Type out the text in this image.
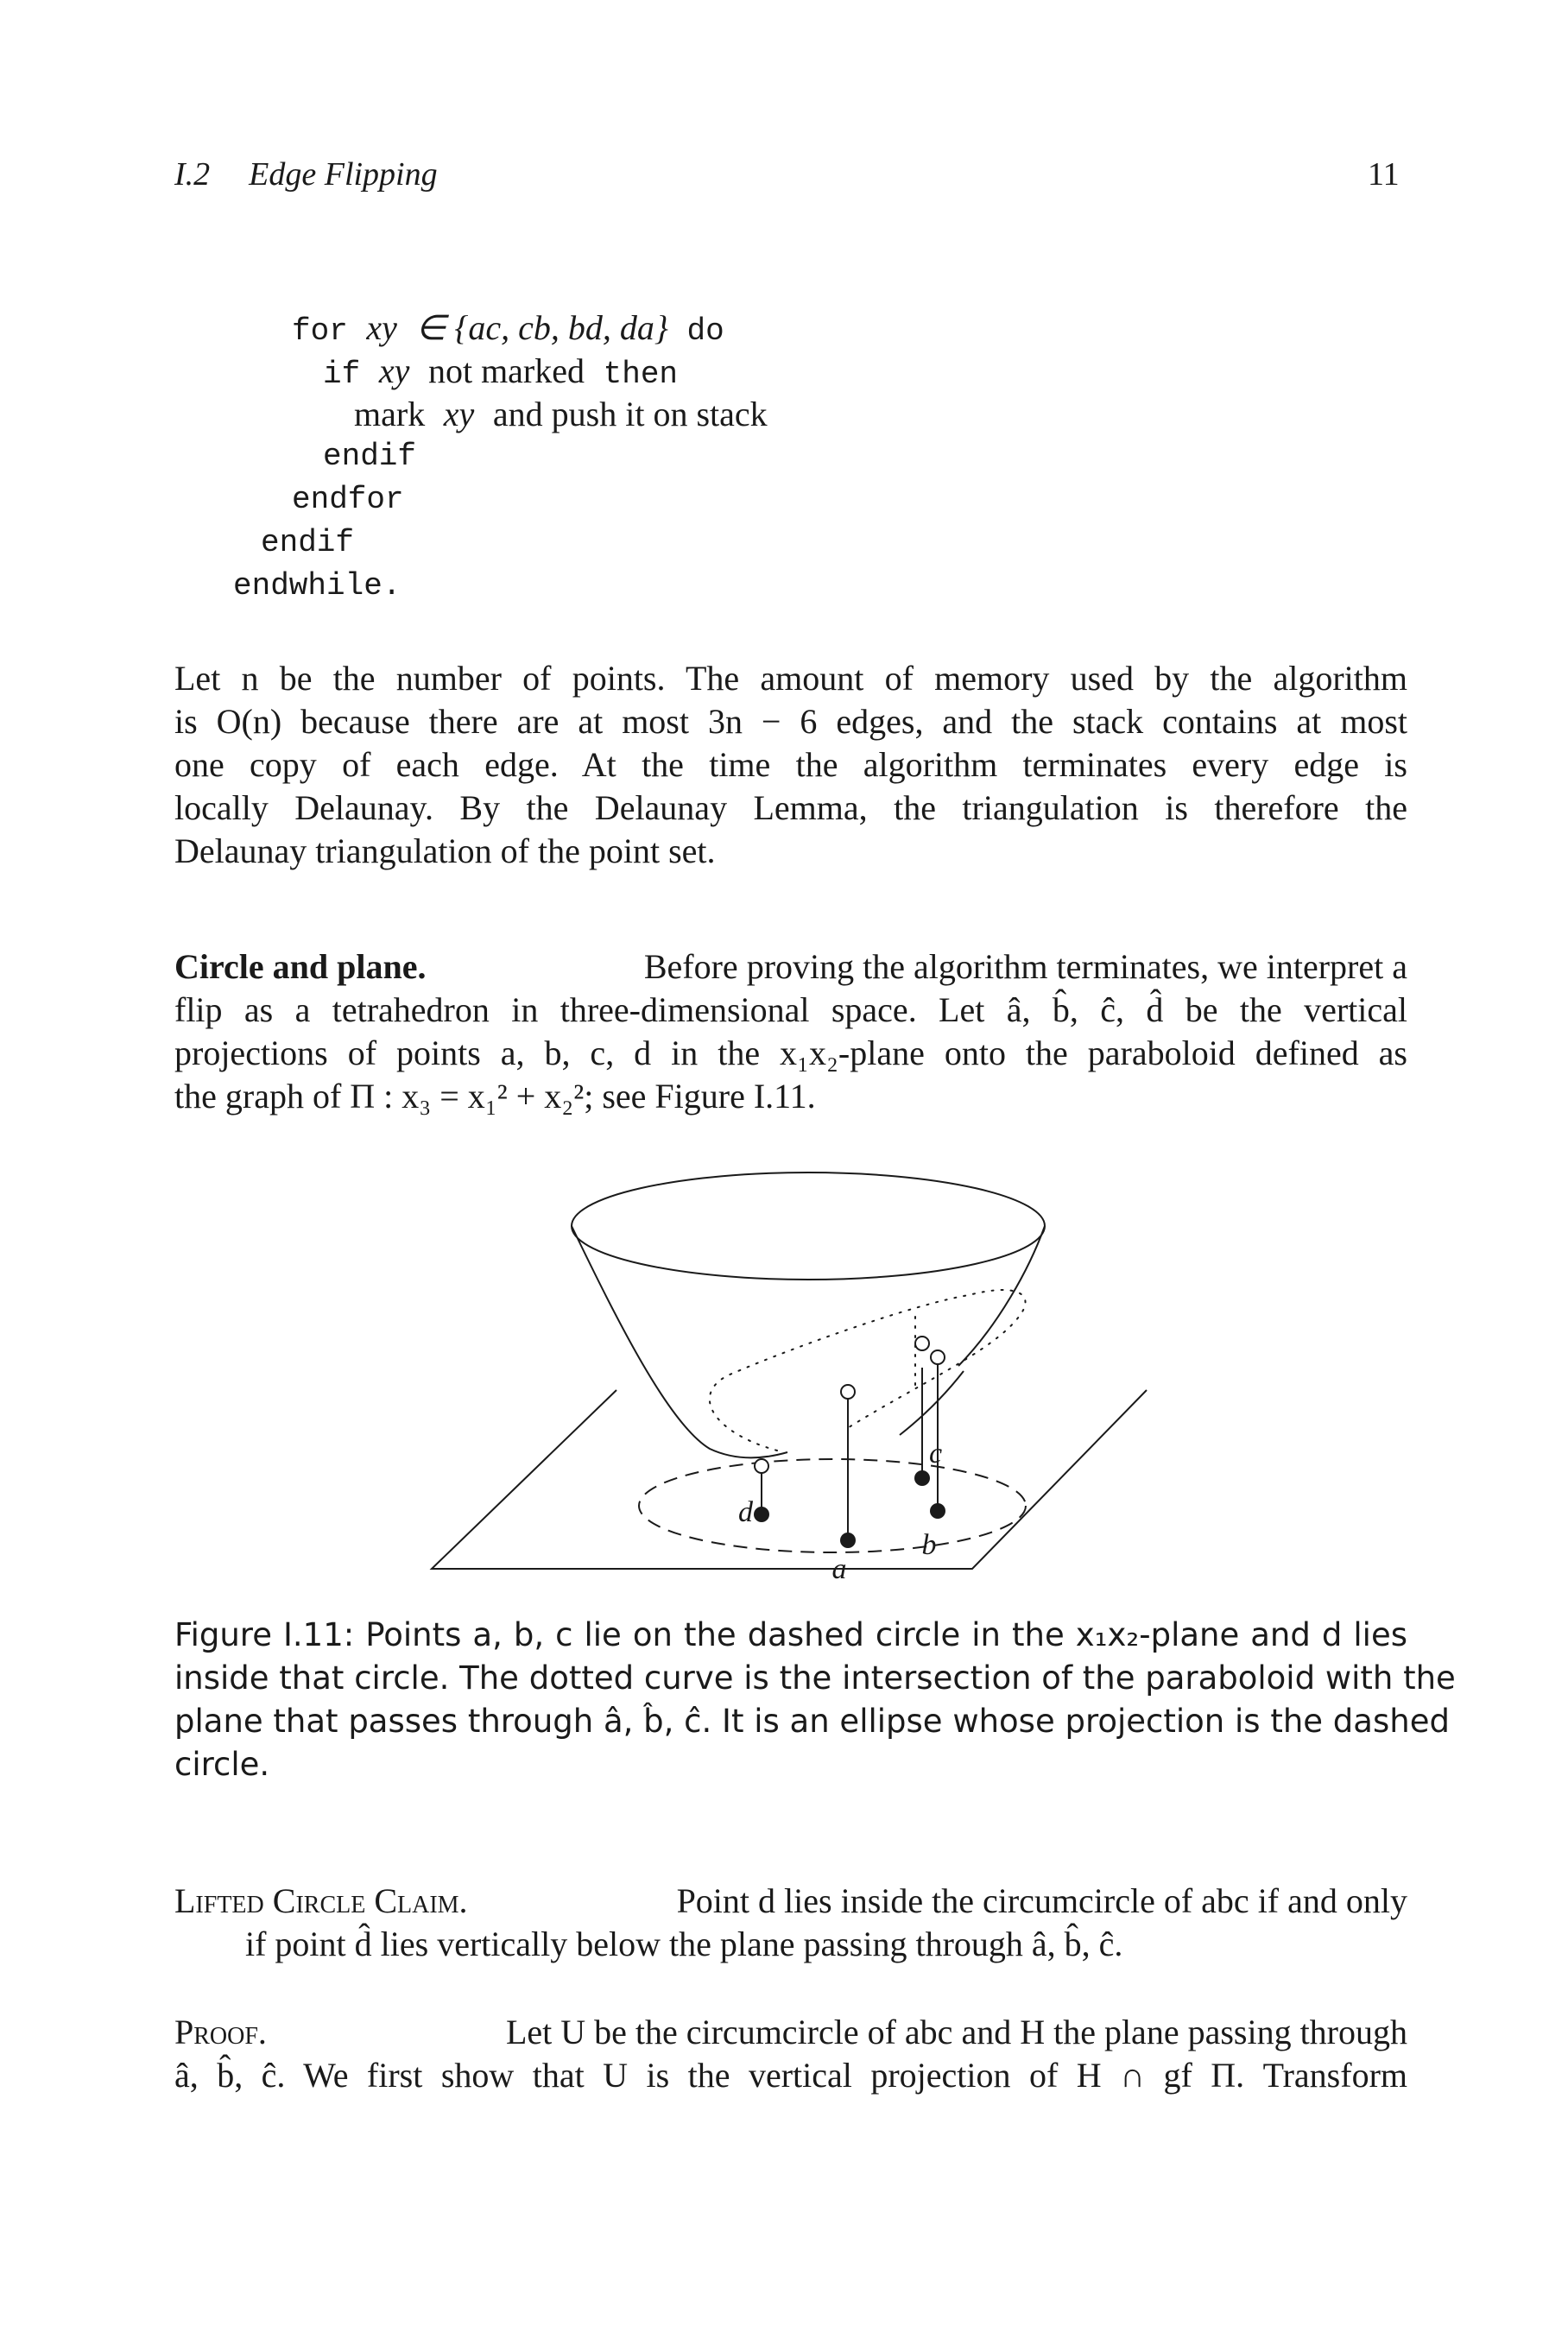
I.2 Edge Flipping	11
for xy ∈ {ac, cb, bd, da} do
if xy not marked then
mark xy and push it on stack
endif
endfor
endif
endwhile.
Let n be the number of points. The amount of memory used by the algorithm
is O(n) because there are at most 3n − 6 edges, and the stack contains at most
one copy of each edge. At the time the algorithm terminates every edge is
locally Delaunay. By the Delaunay Lemma, the triangulation is therefore the
Delaunay triangulation of the point set.
Circle and plane.	Before proving the algorithm terminates, we interpret a
flip as a tetrahedron in three-dimensional space. Let â, b̂, ĉ, d̂ be the vertical
projections of points a, b, c, d in the x₁x₂-plane onto the paraboloid defined as
the graph of Π : x₃ = x₁² + x₂²; see Figure I.11.
d
a
c
b
Figure I.11: Points a, b, c lie on the dashed circle in the x₁x₂-plane and d lies
inside that circle. The dotted curve is the intersection of the paraboloid with the
plane that passes through â, b̂, ĉ. It is an ellipse whose projection is the dashed
circle.
Lifted Circle Claim.	Point d lies inside the circumcircle of abc if and only
if point d̂ lies vertically below the plane passing through â, b̂, ĉ.
Proof.	Let U be the circumcircle of abc and H the plane passing through
â, b̂, ĉ. We first show that U is the vertical projection of H ∩ gf Π. Transform
